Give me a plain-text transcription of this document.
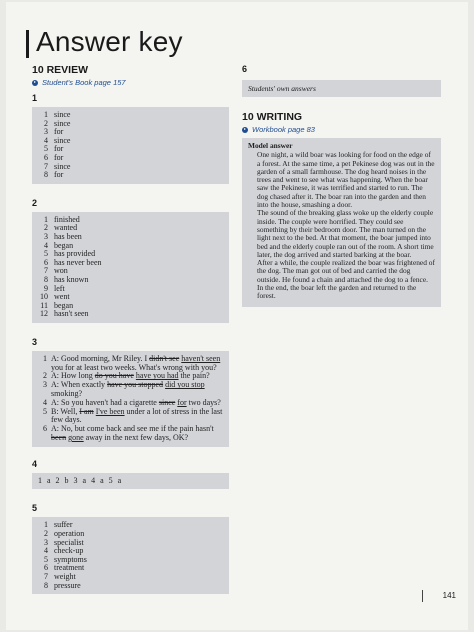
Answer key
10 REVIEW
Student's Book page 157
1
1 since
2 since
3 for
4 since
5 for
6 for
7 since
8 for
2
1 finished
2 wanted
3 has been
4 began
5 has provided
6 has never been
7 won
8 has known
9 left
10 went
11 began
12 hasn't seen
3
1 A: Good morning, Mr Riley. I didn't see haven't seen you for at least two weeks. What's wrong with you?
2 A: How long do you have have you had the pain?
3 A: When exactly have you stopped did you stop smoking?
4 A: So you haven't had a cigarette since for two days?
5 B: Well, I am I've been under a lot of stress in the last few days.
6 A: No, but come back and see me if the pain hasn't been gone away in the next few days, OK?
4
1 a 2 b 3 a 4 a 5 a
5
1 suffer
2 operation
3 specialist
4 check-up
5 symptoms
6 treatment
7 weight
8 pressure
6
Students' own answers
10 WRITING
Workbook page 83
Model answer
One night, a wild boar was looking for food on the edge of a forest. At the same time, a pet Pekinese dog was out in the garden of a small farmhouse. The dog heard noises in the trees and went to see what was happening. When the boar saw the Pekinese, it was terrified and started to run. The dog chased after it. The boar ran into the garden and then into the house, smashing a door.
The sound of the breaking glass woke up the elderly couple inside. The couple were horrified. They could see something by their bedroom door. The man turned on the light next to the bed. At that moment, the boar jumped into bed and the elderly couple ran out of the room. A short time later, the dog arrived and started barking at the boar.
After a while, the couple realized the boar was frightened of the dog. The man got out of bed and carried the dog outside. He found a chain and attached the dog to a fence. In the end, the boar left the garden and returned to the forest.
141
